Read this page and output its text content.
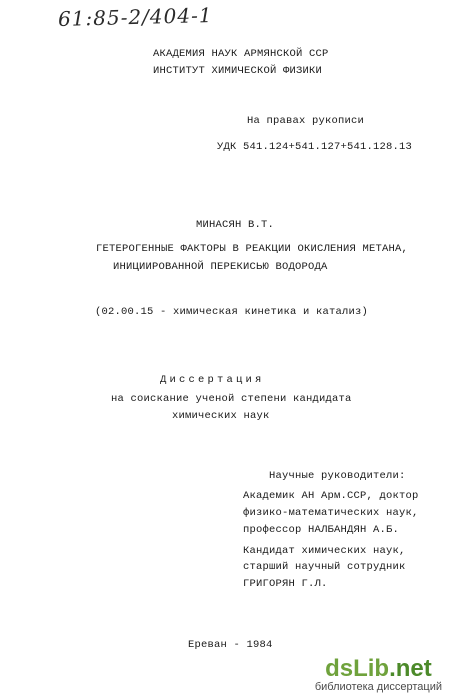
61:85-2/404-1
АКАДЕМИЯ НАУК АРМЯНСКОЙ ССР
ИНСТИТУТ ХИМИЧЕСКОЙ ФИЗИКИ
На правах рукописи
УДК 541.124+541.127+541.128.13
МИНАСЯН В.Т.
ГЕТЕРОГЕННЫЕ ФАКТОРЫ В РЕАКЦИИ ОКИСЛЕНИЯ МЕТАНА,
ИНИЦИИРОВАННОЙ ПЕРЕКИСЬЮ ВОДОРОДА
(02.00.15 - химическая кинетика и катализ)
Диссертация
на соискание ученой степени кандидата
химических наук
Научные руководители:
Академик АН Арм.ССР, доктор
физико-математических наук,
профессор НАЛБАНДЯН А.Б.
Кандидат химических наук,
старший научный сотрудник
ГРИГОРЯН Г.Л.
Ереван - 1984
dsLib.net
библиотека диссертаций
